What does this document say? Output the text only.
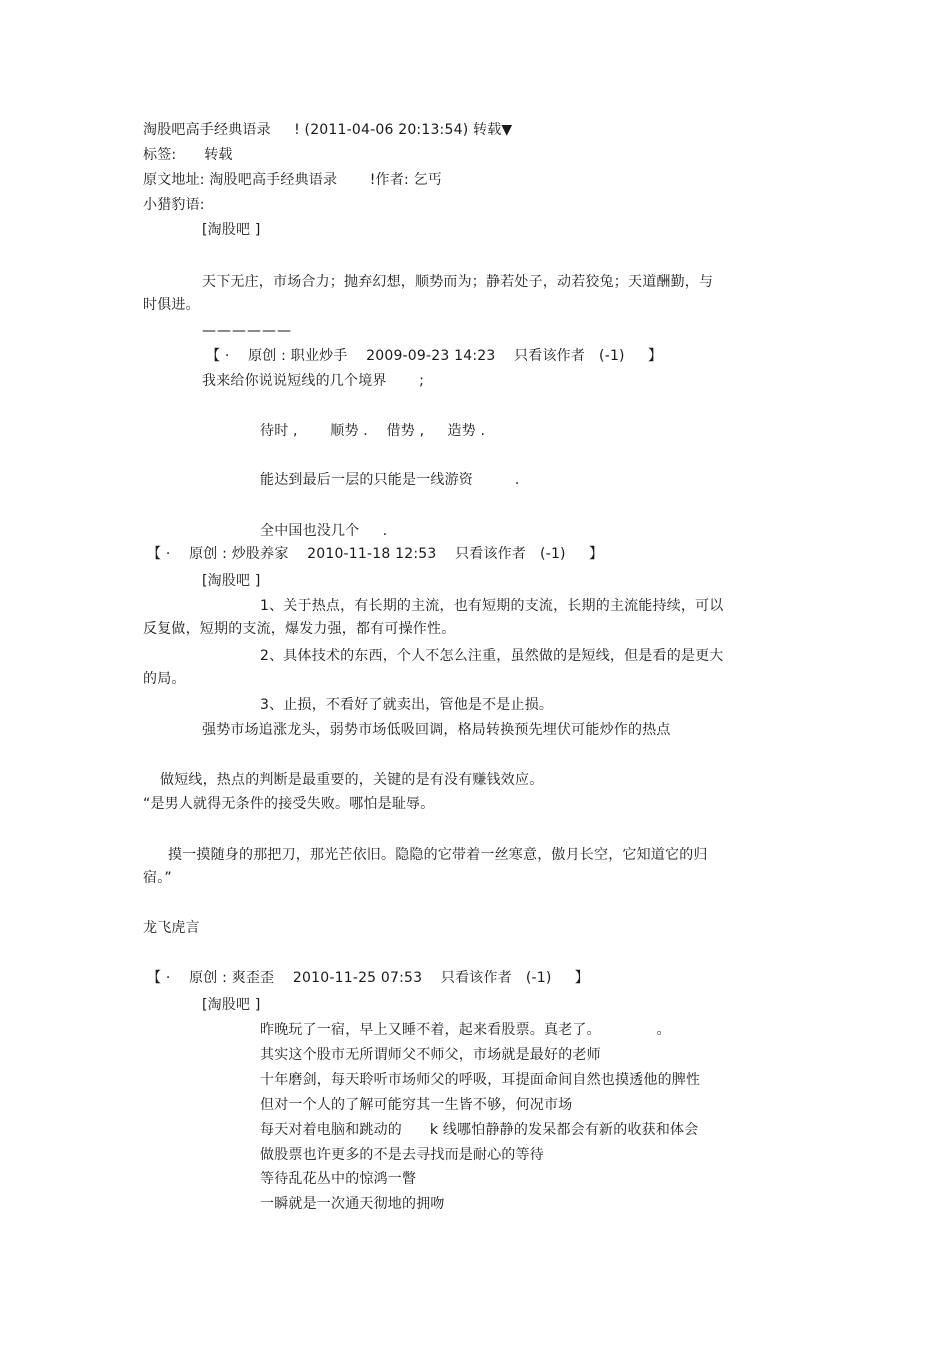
淘股吧高手经典语录 ! (2011-04-06 20:13:54) 转载▼
标签: 转载
原文地址: 淘股吧高手经典语录 !作者: 乞丐
小猎豹语:
[淘股吧 ]
天下无庄，市场合力；抛弃幻想，顺势而为；静若处子，动若狡兔；天道酬勤，与
时俱进。
——————
【 ·    原创 : 职业炒手    2009-09-23 14:23    只看该作者   (-1)     】
我来给你说说短线的几个境界       ;
待时 ,       顺势 .    借势 ,     造势 .
能达到最后一层的只能是一线游资         .
全中国也没几个     .
【 ·    原创 : 炒股养家    2010-11-18 12:53    只看该作者   (-1)     】
[淘股吧 ]
1、关于热点，有长期的主流，也有短期的支流，长期的主流能持续，可以
反复做，短期的支流，爆发力强，都有可操作性。
2、具体技术的东西，个人不怎么注重，虽然做的是短线，但是看的是更大
的局。
3、止损，不看好了就卖出，管他是不是止损。
强势市场追涨龙头，弱势市场低吸回调，格局转换预先埋伏可能炒作的热点
做短线，热点的判断是最重要的，关键的是有没有赚钱效应。
“是男人就得无条件的接受失败。哪怕是耻辱。
摸一摸随身的那把刀，那光芒依旧。隐隐的它带着一丝寒意，傲月长空，它知道它的归
宿。”
龙飞虎言
【 ·    原创 : 爽歪歪    2010-11-25 07:53    只看该作者   (-1)     】
[淘股吧 ]
昨晚玩了一宿，早上又睡不着，起来看股票。真老了。            。
其实这个股市无所谓师父不师父，市场就是最好的老师
十年磨剑，每天聆听市场师父的呼吸，耳提面命间自然也摸透他的脾性
但对一个人的了解可能穷其一生皆不够，何况市场
每天对着电脑和跳动的      k 线哪怕静静的发呆都会有新的收获和体会
做股票也许更多的不是去寻找而是耐心的等待
等待乱花丛中的惊鸿一瞥
一瞬就是一次通天彻地的拥吻
